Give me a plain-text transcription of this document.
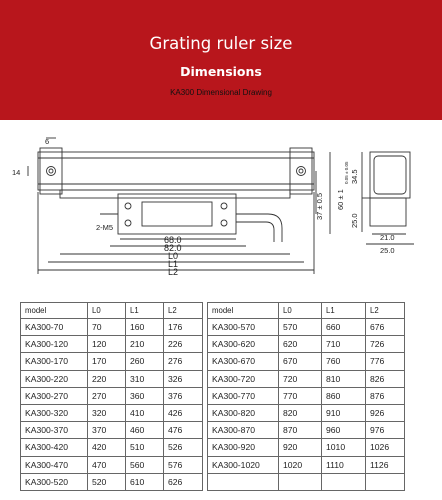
Grating ruler size
Dimensions
KA300 Dimensional Drawing
6
14
2-M5
68.0
82.0
L0
L1
L2
37 ± 0.5 60 ± 1
34.5
25.0
21.0
25.0
0.05 ± 0.05
model	L0	L1	L2
KA300-70	70	160	176
KA300-120	120	210	226
KA300-170	170	260	276
KA300-220	220	310	326
KA300-270	270	360	376
KA300-320	320	410	426
KA300-370	370	460	476
KA300-420	420	510	526
KA300-470	470	560	576
KA300-520	520	610	626
model	L0	L1	L2
KA300-570	570	660	676
KA300-620	620	710	726
KA300-670	670	760	776
KA300-720	720	810	826
KA300-770	770	860	876
KA300-820	820	910	926
KA300-870	870	960	976
KA300-920	920	1010	1026
KA300-1020	1020	1110	1126
